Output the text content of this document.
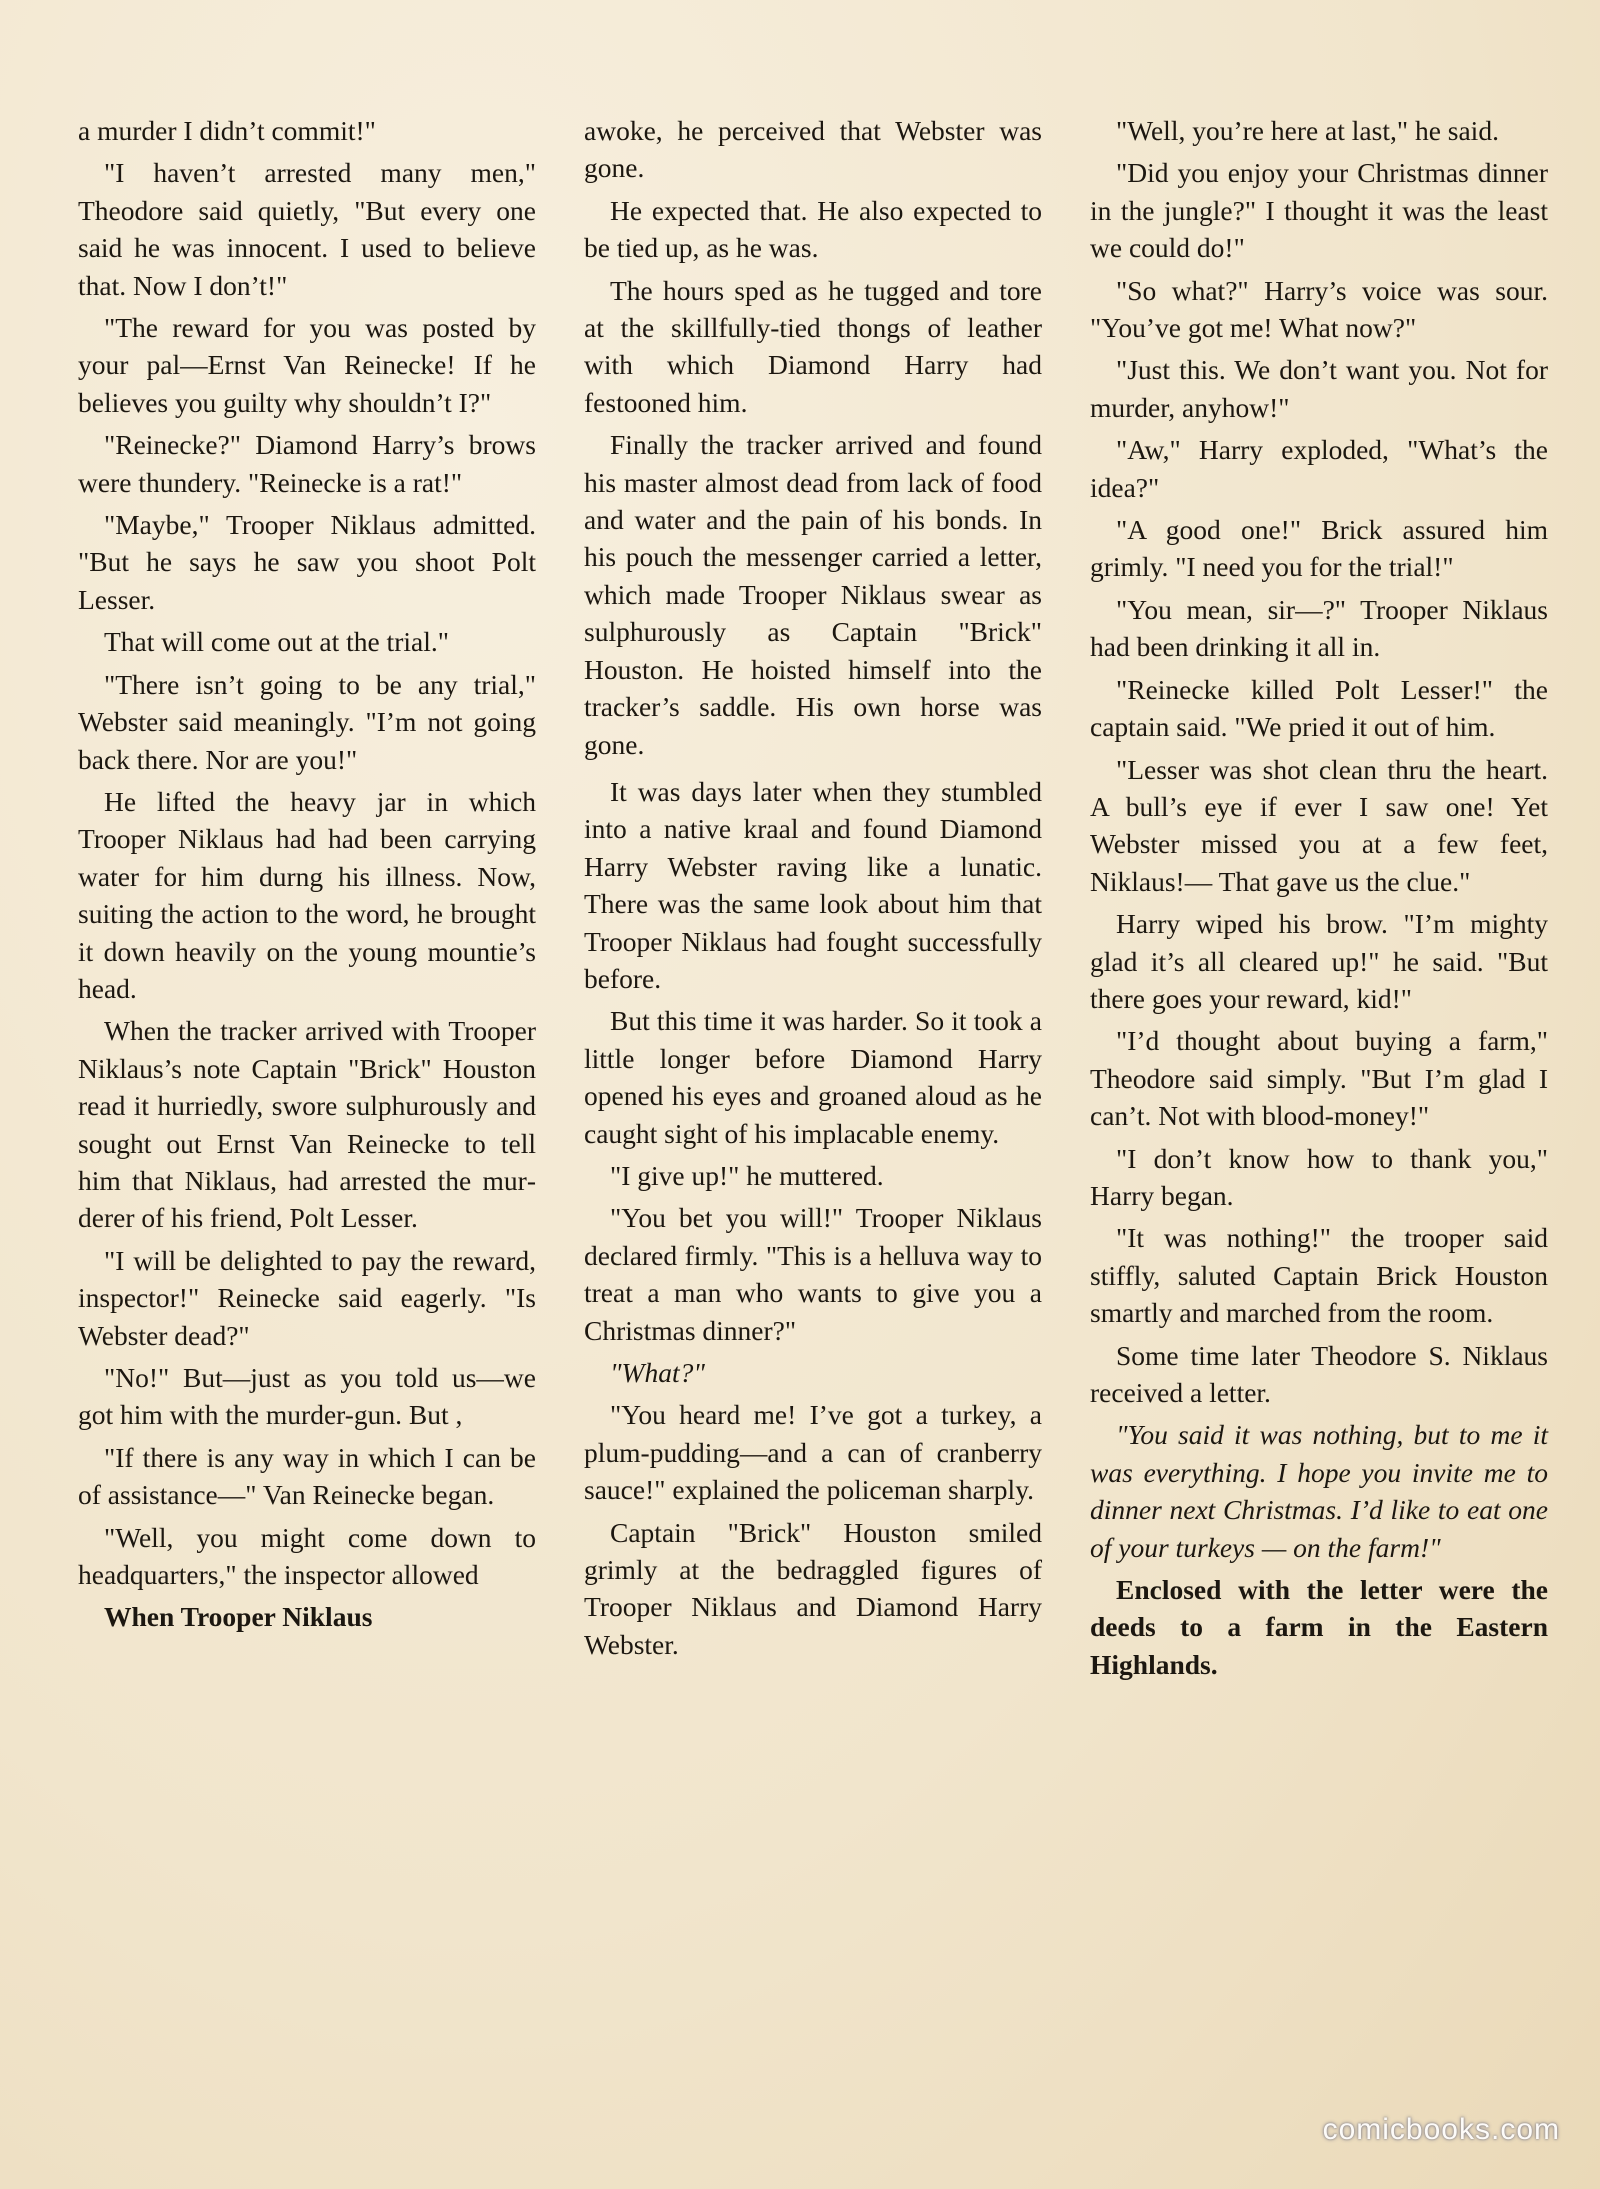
a murder I didn’t commit!"

"I haven’t arrested many men," Theodore said quietly, "But every one said he was innocent. I used to believe that. Now I don’t!"

"The reward for you was posted by your pal—Ernst Van Reinecke! If he believes you guilty why shouldn’t I?"

"Reinecke?" Diamond Harry’s brows were thundery. "Reinecke is a rat!"

"Maybe," Trooper Niklaus admitted. "But he says he saw you shoot Polt Lesser.

That will come out at the trial."

"There isn’t going to be any trial," Webster said meaningly. "I’m not going back there. Nor are you!"

He lifted the heavy jar in which Trooper Niklaus had had been carrying water for him durng his illness. Now, suiting the action to the word, he brought it down heavily on the young mountie’s head.

When the tracker arrived with Trooper Niklaus’s note Captain "Brick" Houston read it hurriedly, swore sulphurously and sought out Ernst Van Reinecke to tell him that Niklaus, had arrested the murderer of his friend, Polt Lesser.

"I will be delighted to pay the reward, inspector!" Reinecke said eagerly. "Is Webster dead?"

"No!" But—just as you told us—we got him with the murder-gun. But ,

"If there is any way in which I can be of assistance—" Van Reinecke began.

"Well, you might come down to headquarters," the inspector allowed

When Trooper Niklaus

awoke, he perceived that Webster was gone.

He expected that. He also expected to be tied up, as he was.

The hours sped as he tugged and tore at the skillfully-tied thongs of leather with which Diamond Harry had festooned him.

Finally the tracker arrived and found his master almost dead from lack of food and water and the pain of his bonds. In his pouch the messenger carried a letter, which made Trooper Niklaus swear as sulphurously as Captain "Brick" Houston. He hoisted himself into the tracker’s saddle. His own horse was gone.

It was days later when they stumbled into a native kraal and found Diamond Harry Webster raving like a lunatic. There was the same look about him that Trooper Niklaus had fought successfully before.

But this time it was harder. So it took a little longer before Diamond Harry opened his eyes and groaned aloud as he caught sight of his implacable enemy.

"I give up!" he muttered.

"You bet you will!" Trooper Niklaus declared firmly. "This is a helluva way to treat a man who wants to give you a Christmas dinner?"

"What?"

"You heard me! I’ve got a turkey, a plum-pudding—and a can of cranberry sauce!" explained the policeman sharply.

Captain "Brick" Houston smiled grimly at the bedraggled figures of Trooper Niklaus and Diamond Harry Webster.

"Well, you’re here at last," he said.

"Did you enjoy your Christmas dinner in the jungle?" I thought it was the least we could do!"

"So what?" Harry’s voice was sour. "You’ve got me! What now?"

"Just this. We don’t want you. Not for murder, anyhow!"

"Aw," Harry exploded, "What’s the idea?"

"A good one!" Brick assured him grimly. "I need you for the trial!"

"You mean, sir—?" Trooper Niklaus had been drinking it all in.

"Reinecke killed Polt Lesser!" the captain said. "We pried it out of him.

"Lesser was shot clean thru the heart. A bull’s eye if ever I saw one! Yet Webster missed you at a few feet, Niklaus!— That gave us the clue."

Harry wiped his brow. "I’m mighty glad it’s all cleared up!" he said. "But there goes your reward, kid!"

"I’d thought about buying a farm," Theodore said simply. "But I’m glad I can’t. Not with blood-money!"

"I don’t know how to thank you," Harry began.

"It was nothing!" the trooper said stiffly, saluted Captain Brick Houston smartly and marched from the room.

Some time later Theodore S. Niklaus received a letter.

"You said it was nothing, but to me it was everything. I hope you invite me to dinner next Christmas. I’d like to eat one of your turkeys — on the farm!"

Enclosed with the letter were the deeds to a farm in the Eastern Highlands.

comicbooks.com
